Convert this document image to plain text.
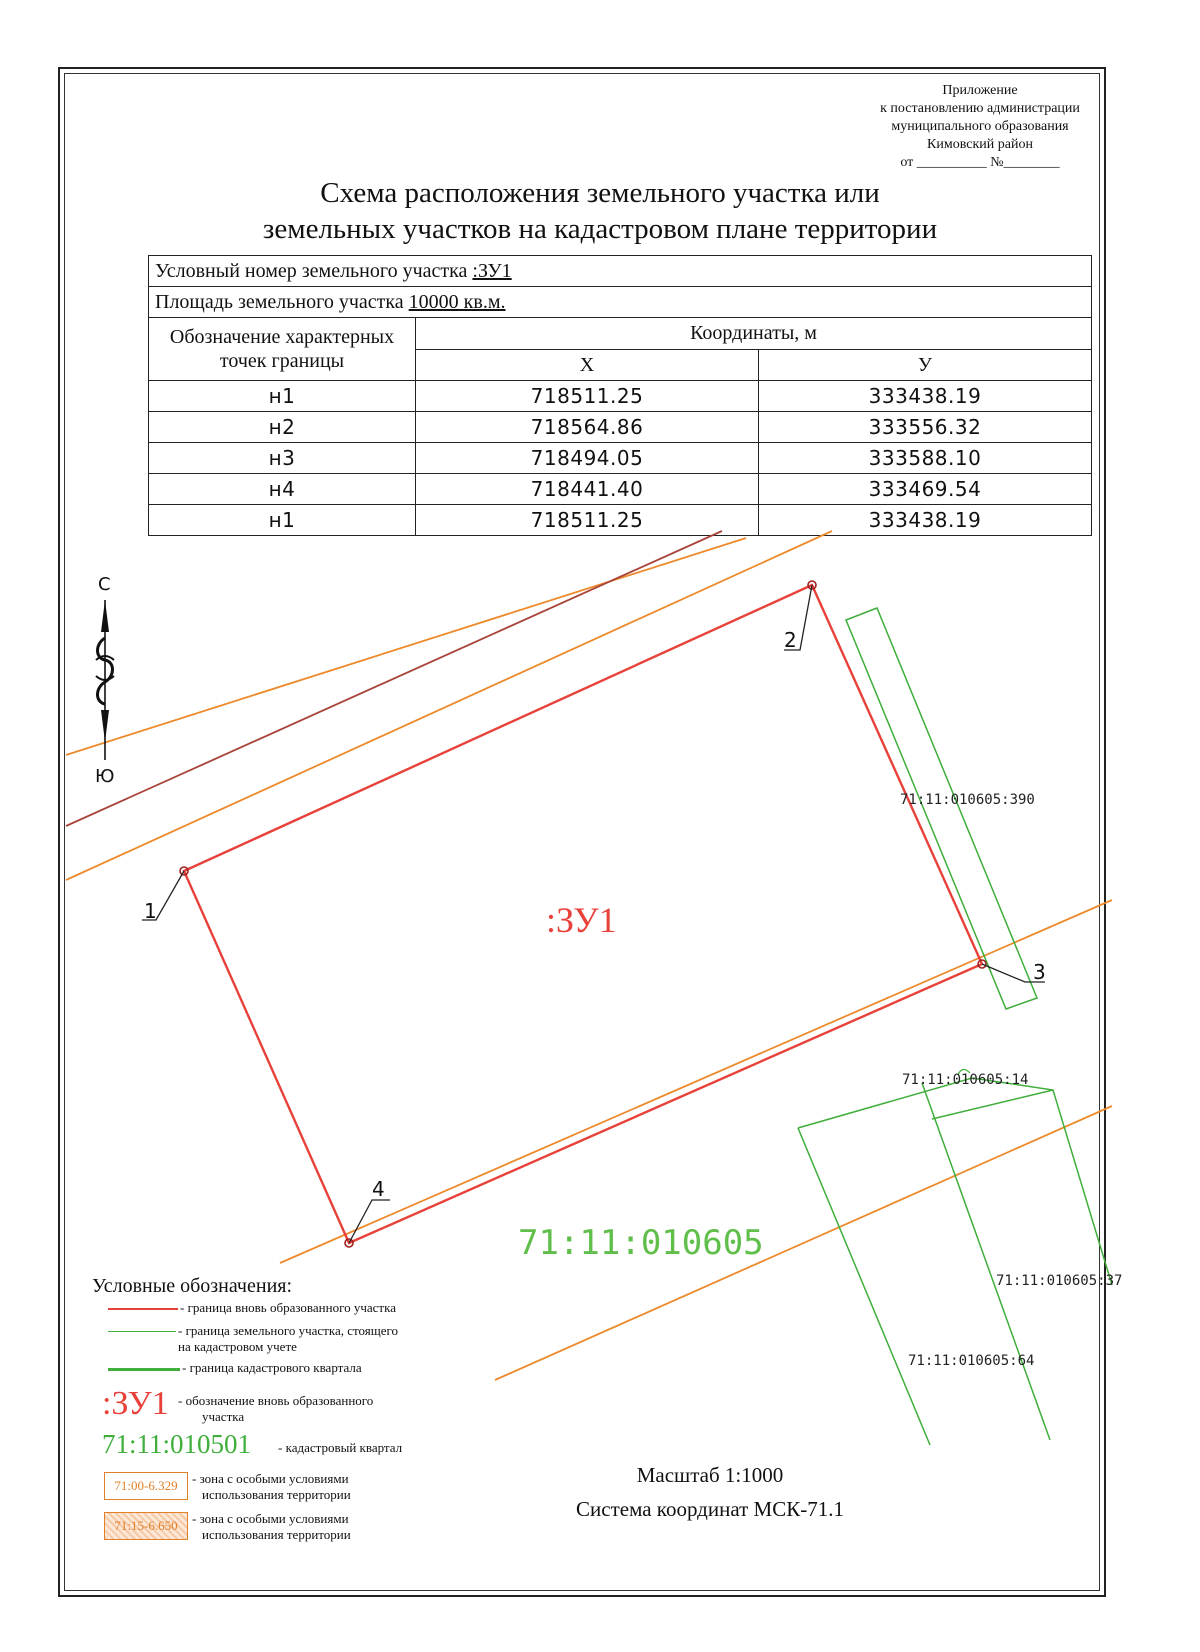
Приложение
к постановлению администрации
муниципального образования
Кимовский район
от __________ №________
Схема расположения земельного участка или
земельных участков на кадастровом плане территории
Условный номер земельного участка :ЗУ1		
Площадь земельного участка 10000 кв.м.		
Обозначение характерных точек границы	Координаты, м	
	X	У
н1	718511.25	333438.19
н2	718564.86	333556.32
н3	718494.05	333588.10
н4	718441.40	333469.54
н1	718511.25	333438.19
1
2
3
4
:ЗУ1
71:11:010605
71:11:010605:390
71:11:010605:14
71:11:010605:37
71:11:010605:64
С
Ю
Условные обозначения:
- граница вновь образованного участка
- граница земельного участка, стоящего
на кадастровом учете
- граница кадастрового квартала
:ЗУ1 - обозначение вновь образованного
участка
71:11:010501 - кадастровый квартал
71:00-6.329	- зона с особыми условиями
использования территории
71:15-6.650	- зона с особыми условиями
использования территории
Масштаб 1:1000
Система координат МСК-71.1
